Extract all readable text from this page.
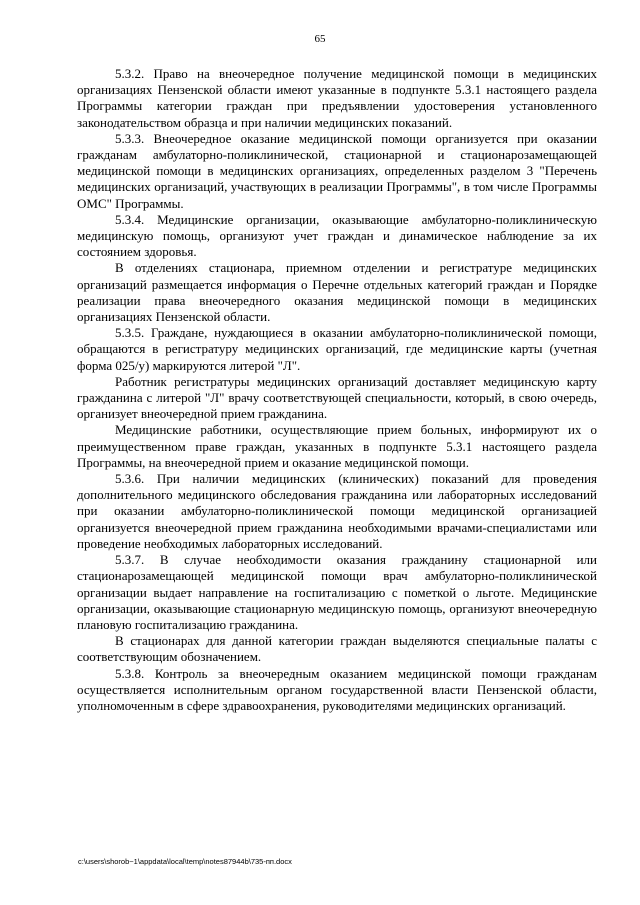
65

5.3.2. Право на внеочередное получение медицинской помощи в медицинских организациях Пензенской области имеют указанные в подпункте 5.3.1 настоящего раздела Программы категории граждан при предъявлении удостоверения установленного законодательством образца и при наличии медицинских показаний.

5.3.3. Внеочередное оказание медицинской помощи организуется при оказании гражданам амбулаторно-поликлинической, стационарной и стационарозамещающей медицинской помощи в медицинских организациях, определенных разделом 3 "Перечень медицинских организаций, участвующих в реализации Программы", в том числе Программы ОМС" Программы.

5.3.4. Медицинские организации, оказывающие амбулаторно-поликлиническую медицинскую помощь, организуют учет граждан и динамическое наблюдение за их состоянием здоровья.

В отделениях стационара, приемном отделении и регистратуре медицинских организаций размещается информация о Перечне отдельных категорий граждан и Порядке реализации права внеочередного оказания медицинской помощи в медицинских организациях Пензенской области.

5.3.5. Граждане, нуждающиеся в оказании амбулаторно-поликлинической помощи, обращаются в регистратуру медицинских организаций, где медицинские карты (учетная форма 025/у) маркируются литерой "Л".

Работник регистратуры медицинских организаций доставляет медицинскую карту гражданина с литерой "Л" врачу соответствующей специальности, который, в свою очередь, организует внеочередной прием гражданина.

Медицинские работники, осуществляющие прием больных, информируют их о преимущественном праве граждан, указанных в подпункте 5.3.1 настоящего раздела Программы, на внеочередной прием и оказание медицинской помощи.

5.3.6. При наличии медицинских (клинических) показаний для проведения дополнительного медицинского обследования гражданина или лабораторных исследований при оказании амбулаторно-поликлинической помощи медицинской организацией организуется внеочередной прием гражданина необходимыми врачами-специалистами или проведение необходимых лабораторных исследований.

5.3.7. В случае необходимости оказания гражданину стационарной или стационарозамещающей медицинской помощи врач амбулаторно-поликлинической организации выдает направление на госпитализацию с пометкой о льготе. Медицинские организации, оказывающие стационарную медицинскую помощь, организуют внеочередную плановую госпитализацию гражданина.

В стационарах для данной категории граждан выделяются специальные палаты с соответствующим обозначением.

5.3.8. Контроль за внеочередным оказанием медицинской помощи гражданам осуществляется исполнительным органом государственной власти Пензенской области, уполномоченным в сфере здравоохранения, руководителями медицинских организаций.

c:\users\shorob~1\appdata\local\temp\notes87944b\735-пп.docx
